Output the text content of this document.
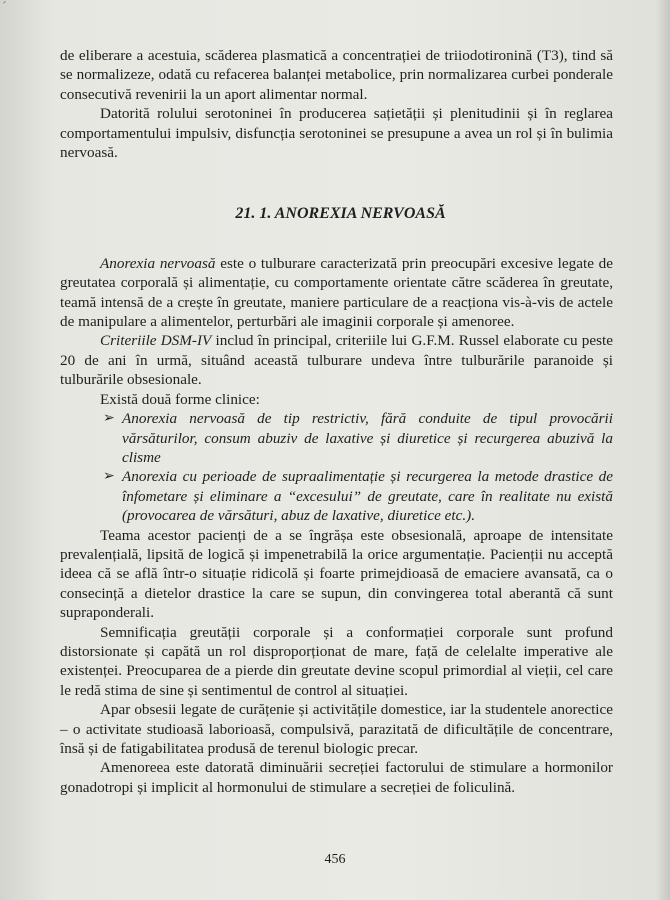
´

de eliberare a acestuia, scăderea plasmatică a concentrației de triiodotironină (T3), tind să se normalizeze, odată cu refacerea balanței metabolice, prin normalizarea curbei ponderale consecutivă revenirii la un aport alimentar normal.

Datorită rolului serotoninei în producerea sațietății și plenitudinii și în reglarea comportamentului impulsiv, disfuncția serotoninei se presupune a avea un rol și în bulimia nervoasă.

21. 1. ANOREXIA NERVOASĂ

Anorexia nervoasă este o tulburare caracterizată prin preocupări excesive legate de greutatea corporală și alimentație, cu comportamente orientate către scăderea în greutate, teamă intensă de a crește în greutate, maniere particulare de a reacționa vis-à-vis de actele de manipulare a alimentelor, perturbări ale imaginii corporale și amenoree.

Criteriile DSM-IV includ în principal, criteriile lui G.F.M. Russel elaborate cu peste 20 de ani în urmă, situând această tulburare undeva între tulburările paranoide și tulburările obsesionale.

Există două forme clinice:

➢ Anorexia nervoasă de tip restrictiv, fără conduite de tipul provocării vărsăturilor, consum abuziv de laxative și diuretice și recurgerea abuzivă la clisme
➢ Anorexia cu perioade de supraalimentație și recurgerea la metode drastice de înfometare și eliminare a “excesului” de greutate, care în realitate nu există (provocarea de vărsături, abuz de laxative, diuretice etc.).

Teama acestor pacienți de a se îngrășa este obsesională, aproape de intensitate prevalențială, lipsită de logică și impenetrabilă la orice argumentație. Pacienții nu acceptă ideea că se află într-o situație ridicolă și foarte primejdioasă de emaciere avansată, ca o consecință a dietelor drastice la care se supun, din convingerea total aberantă că sunt supraponderali.

Semnificația greutății corporale și a conformației corporale sunt profund distorsionate și capătă un rol disproporționat de mare, față de celelalte imperative ale existenței. Preocuparea de a pierde din greutate devine scopul primordial al vieții, cel care le redă stima de sine și sentimentul de control al situației.

Apar obsesii legate de curățenie și activitățile domestice, iar la studentele anorectice – o activitate studioasă laborioasă, compulsivă, parazitată de dificultățile de concentrare, însă și de fatigabilitatea produsă de terenul biologic precar.

Amenoreea este datorată diminuării secreției factorului de stimulare a hormonilor gonadotropi și implicit al hormonului de stimulare a secreției de foliculină.

456
